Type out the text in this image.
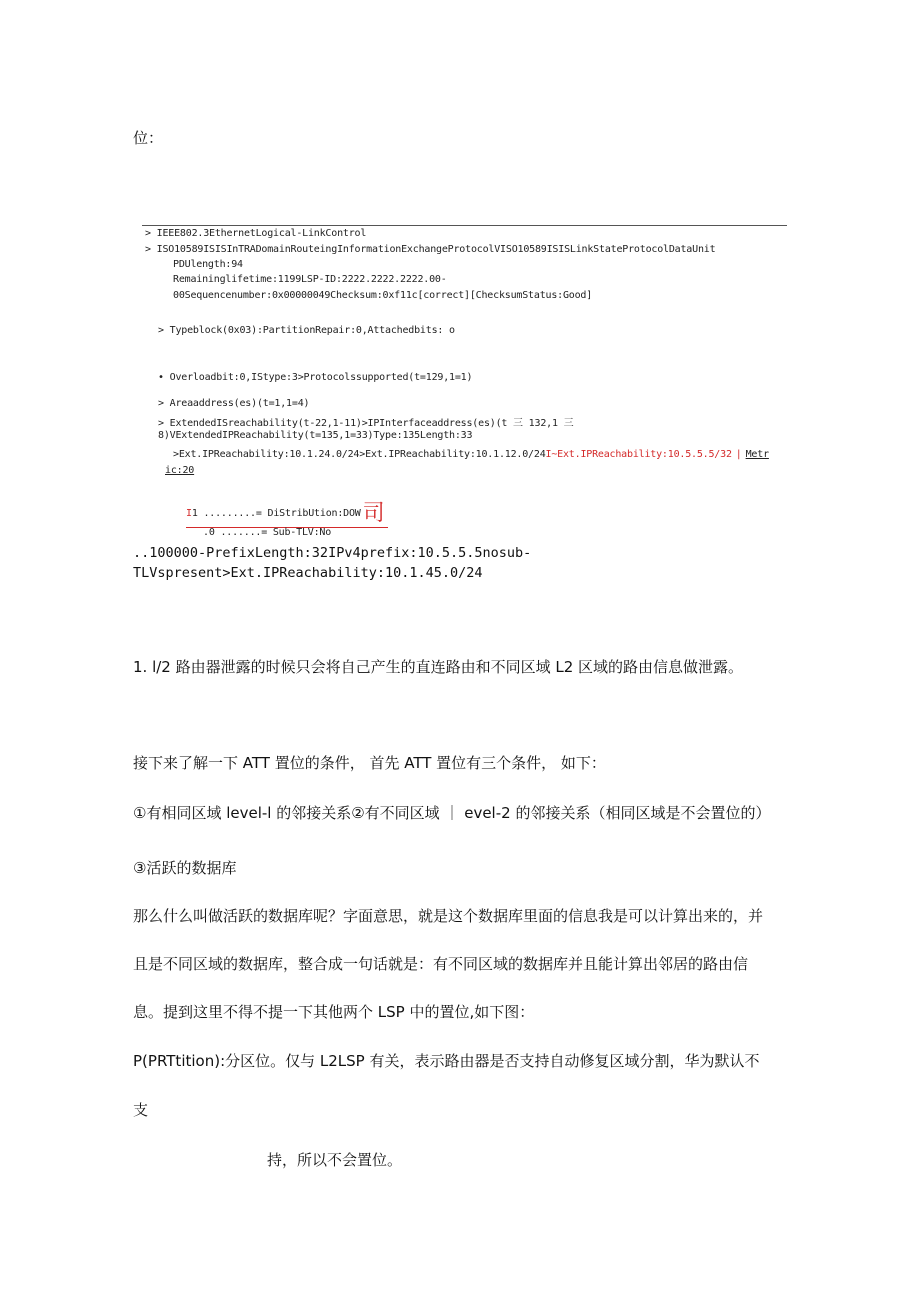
位：
> IEEE802.3EthernetLogical-LinkControl
> ISO10589ISISInTRADomainRouteingInformationExchangeProtocolVISO10589ISISLinkStateProtocolDataUnit
PDUlength:94
Remaininglifetime:1199LSP-ID:2222.2222.2222.00-
00Sequencenumber:0x00000049Checksum:0xf11c[correct][ChecksumStatus:Good]
> Typeblock(0x03):PartitionRepair:0,Attachedbits: o
• Overloadbit:0,IStype:3>Protocolssupported(t=129,1=1)
> Areaaddress(es)(t=1,1=4)
> ExtendedISreachability(t-22,1-11)>IPInterfaceaddress(es)(t 三 132,1 三
8)VExtendedIPReachability(t=135,1=33)Type:135Length:33
>Ext.IPReachability:10.1.24.0/24>Ext.IPReachability:10.1.12.0/24I~Ext.IPReachability:10.5.5.5/32 | Metr
ic:20
I1 .........= DiStribUtion:DOW司
.0 .......= Sub-TLV:No
..100000-PrefixLength:32IPv4prefix:10.5.5.5nosub-
TLVspresent>Ext.IPReachability:10.1.45.0/24
1. l/2 路由器泄露的时候只会将自己产生的直连路由和不同区域 L2 区域的路由信息做泄露。
接下来了解一下 ATT 置位的条件， 首先 ATT 置位有三个条件， 如下：
①有相同区域 level-l 的邻接关系②有不同区域 ｜ evel-2 的邻接关系（相同区域是不会置位的）
③活跃的数据库
那么什么叫做活跃的数据库呢？字面意思，就是这个数据库里面的信息我是可以计算出来的，并
且是不同区域的数据库，整合成一句话就是：有不同区域的数据库并且能计算出邻居的路由信
息。提到这里不得不提一下其他两个 LSP 中的置位,如下图：
P(PRTtition):分区位。仅与 L2LSP 有关，表示路由器是否支持自动修复区域分割，华为默认不
支
持，所以不会置位。
